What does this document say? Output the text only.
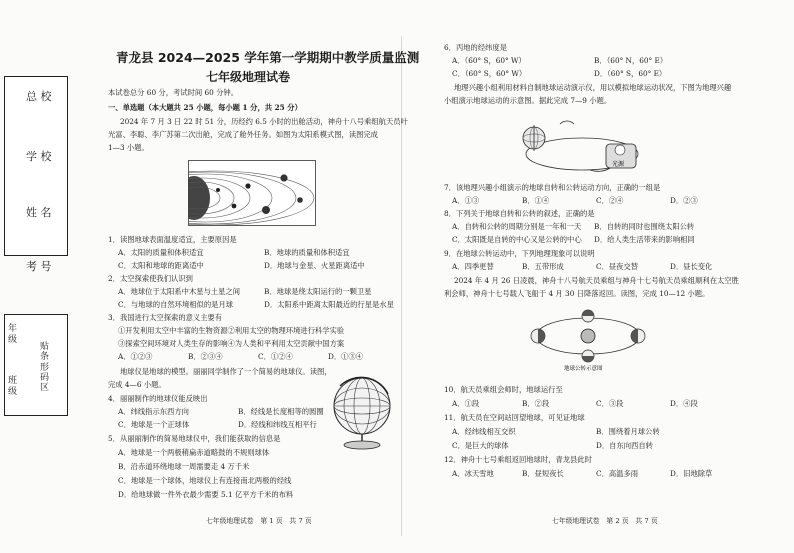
总 校
学 校
姓 名
考 号
年级
班级
贴条形码区
青龙县 2024—2025 学年第一学期期中教学质量监测
七年级地理试卷
本试卷总分 60 分，考试时间 60 分钟。
一、单选题（本大题共 25 小题，每小题 1 分，共 25 分）
2024 年 7 月 3 日 22 时 51 分，历经约 6.5 小时的出舱活动，神舟十八号乘组航天员叶
光富、李聪、李广苏第二次出舱，完成了舱外任务。如图为太阳系模式图，读图完成
1—3 小题。
1．读图地球表面温度适宜，主要原因是
A．太阳的质量和体积适宜	B．地球的质量和体积适宜
C．太阳和地球的距离适中	D．地球与金星、火星距离适中
2．太空探索使我们认识到
A．地球位于太阳系中木星与土星之间	B．地球是绕太阳运行的一颗卫星
C．与地球的自然环境相似的是月球	D．太阳系中距离太阳最近的行星是水星
3．我国进行太空探索的意义主要有
①开发利用太空中丰富的生物资源②利用太空的物理环境进行科学实验
③探索空间环境对人类生存的影响④为人类和平利用太空贡献中国方案
A．①②③	B．②③④	C．①②④	D．①③④
地球仪是地球的模型。丽丽同学制作了一个简易的地球仪。读图，
完成 4—6 小题。
4．丽丽制作的地球仪能反映出
A．纬线指示东西方向	B．经线是长度相等的圆圈
C．地球是一个正球体	D．经线和纬线互相平行
5．从丽丽制作的简易地球仪中，我们能获取的信息是
A．地球是一个两极稍扁赤道略鼓的不规则球体
B．沿赤道环绕地球一周需要走 4 万千米
C．地球是一个球体，地球仪上有连接南北两极的经线
D．给地球做一件外衣最少需要 5.1 亿平方千米的布料
七年级地理试卷　第 1 页　共 7 页
6．丙地的经纬度是
A．（60° S，60° W）	B．（60° N，60° E）
C．（60° S，60° W）	D．（60° S，60° E）
地理兴趣小组利用材料自制地球运动演示仪，用以模拟地球运动状况，下图为地理兴趣
小组演示地球运动的示意图。据此完成 7—9 小题。
光源
7．该地理兴趣小组演示的地球自转和公转运动方向，正确的一组是
A．①③	B．①④	C．②④	D．②③
8．下列关于地球自转和公转的叙述，正确的是
A．自转和公转的周期分别是一年和一天 B．自转的同时也围绕太阳公转
C．太阳既是自转的中心又是公转的中心 D．给人类生活带来的影响相同
9．在地球公转运动中，下列地理现象可以说明
A．四季更替	B．五带形成	C．昼夜交替	D．昼长变化
2024 年 4 月 26 日凌晨，神舟十八号航天员乘组与神舟十七号航天员乘组顺利在太空胜
利会师，神舟十七号载人飞船于 4 月 30 日降落返回。读图，完成 10—12 小题。
地球公转示意图
10．航天员乘组会师时，地球运行至
A．①段	B．②段	C．③段	D．④段
11．航天员在空间站回望地球，可见证地球
A．经纬线相互交织	B．围绕着月球公转
C．是巨大的球体	D．自东向西自转
12．神舟十七号乘组返回地球时，青龙县此时
A．冰天雪地	B．昼短夜长	C．高温多雨	D．旧地除草
七年级地理试卷　第 2 页　共 7 页
